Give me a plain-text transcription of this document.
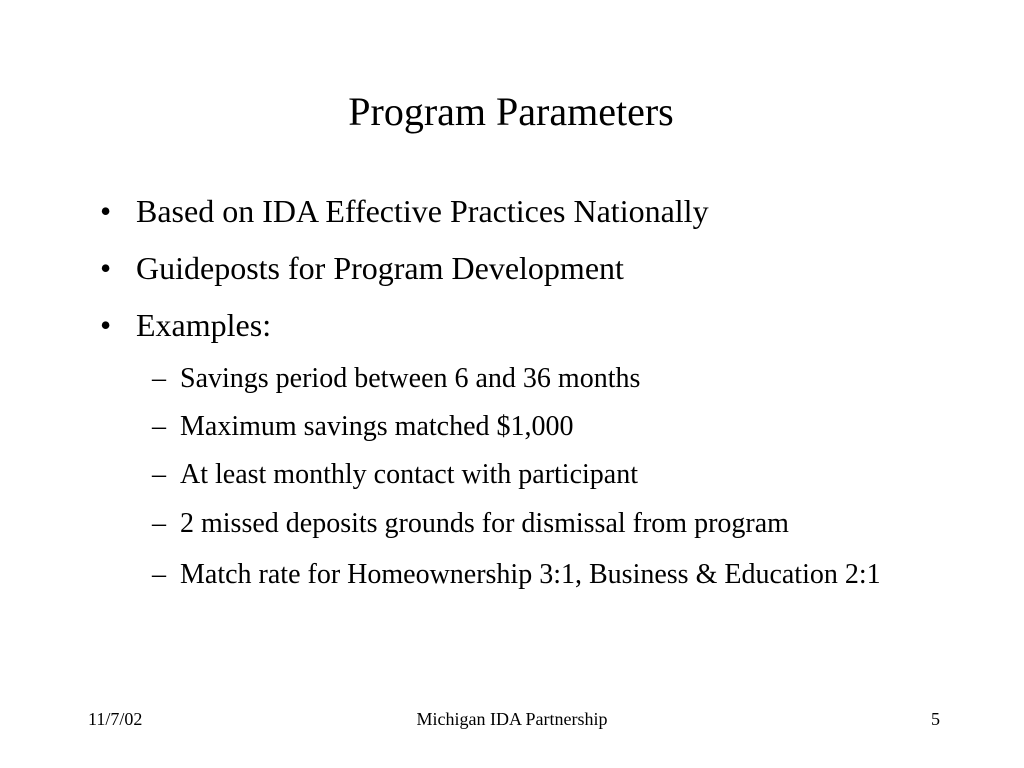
Program Parameters
• Based on IDA Effective Practices Nationally
• Guideposts for Program Development
• Examples:
– Savings period between 6 and 36 months
– Maximum savings matched $1,000
– At least monthly contact with participant
– 2 missed deposits grounds for dismissal from program
– Match rate for Homeownership 3:1, Business & Education 2:1
11/7/02	Michigan IDA Partnership	5
